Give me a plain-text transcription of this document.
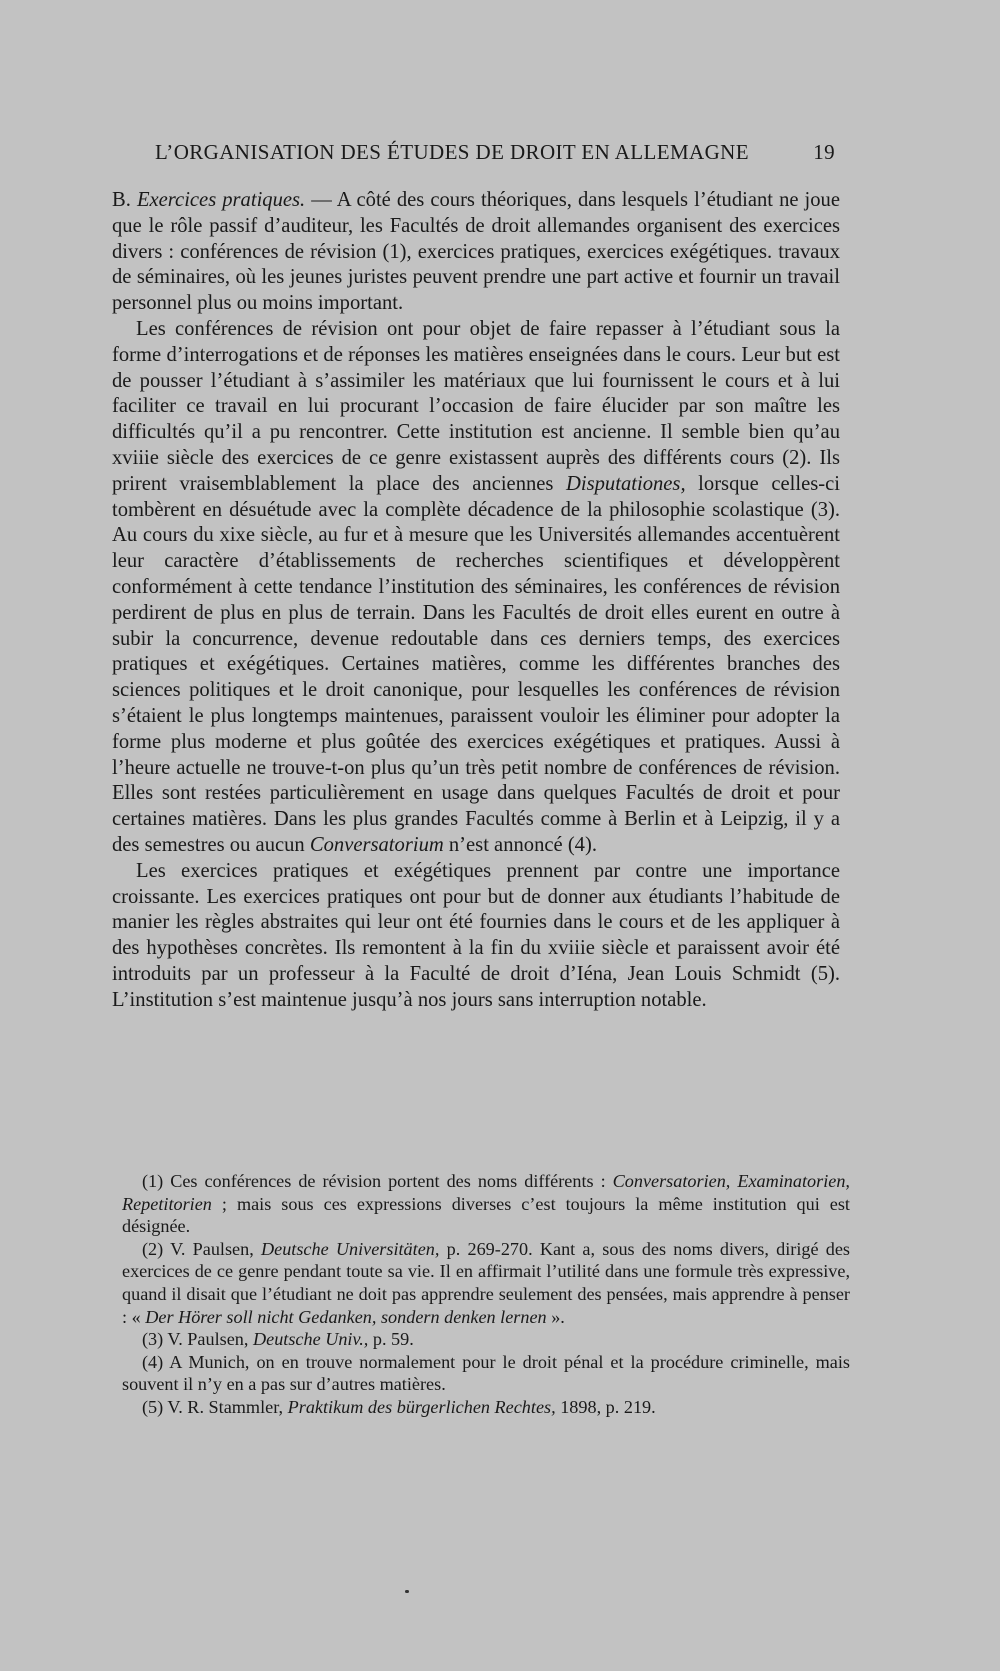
L’ORGANISATION DES ÉTUDES DE DROIT EN ALLEMAGNE	19

B. Exercices pratiques. — A côté des cours théoriques, dans lesquels l’étudiant ne joue que le rôle passif d’auditeur, les Facultés de droit allemandes organisent des exercices divers : conférences de révision (1), exercices pratiques, exercices exégétiques. travaux de séminaires, où les jeunes juristes peuvent prendre une part active et fournir un travail personnel plus ou moins important.

Les conférences de révision ont pour objet de faire repasser à l’étudiant sous la forme d’interrogations et de réponses les matières enseignées dans le cours. Leur but est de pousser l’étudiant à s’assimiler les matériaux que lui fournissent le cours et à lui faciliter ce travail en lui procurant l’occasion de faire élucider par son maître les difficultés qu’il a pu rencontrer. Cette institution est ancienne. Il semble bien qu’au xviiie siècle des exercices de ce genre existassent auprès des différents cours (2). Ils prirent vraisemblablement la place des anciennes Disputationes, lorsque celles-ci tombèrent en désuétude avec la complète décadence de la philosophie scolastique (3). Au cours du xixe siècle, au fur et à mesure que les Universités allemandes accentuèrent leur caractère d’établissements de recherches scientifiques et développèrent conformément à cette tendance l’institution des séminaires, les conférences de révision perdirent de plus en plus de terrain. Dans les Facultés de droit elles eurent en outre à subir la concurrence, devenue redoutable dans ces derniers temps, des exercices pratiques et exégétiques. Certaines matières, comme les différentes branches des sciences politiques et le droit canonique, pour lesquelles les conférences de révision s’étaient le plus longtemps maintenues, paraissent vouloir les éliminer pour adopter la forme plus moderne et plus goûtée des exercices exégétiques et pratiques. Aussi à l’heure actuelle ne trouve-t-on plus qu’un très petit nombre de conférences de révision. Elles sont restées particulièrement en usage dans quelques Facultés de droit et pour certaines matières. Dans les plus grandes Facultés comme à Berlin et à Leipzig, il y a des semestres ou aucun Conversatorium n’est annoncé (4).

Les exercices pratiques et exégétiques prennent par contre une importance croissante. Les exercices pratiques ont pour but de donner aux étudiants l’habitude de manier les règles abstraites qui leur ont été fournies dans le cours et de les appliquer à des hypothèses concrètes. Ils remontent à la fin du xviiie siècle et paraissent avoir été introduits par un professeur à la Faculté de droit d’Iéna, Jean Louis Schmidt (5). L’institution s’est maintenue jusqu’à nos jours sans interruption notable.

(1) Ces conférences de révision portent des noms différents : Conversatorien, Examinatorien, Repetitorien ; mais sous ces expressions diverses c’est toujours la même institution qui est désignée.

(2) V. Paulsen, Deutsche Universitäten, p. 269-270. Kant a, sous des noms divers, dirigé des exercices de ce genre pendant toute sa vie. Il en affirmait l’utilité dans une formule très expressive, quand il disait que l’étudiant ne doit pas apprendre seulement des pensées, mais apprendre à penser : « Der Hörer soll nicht Gedanken, sondern denken lernen ».

(3) V. Paulsen, Deutsche Univ., p. 59.

(4) A Munich, on en trouve normalement pour le droit pénal et la procédure criminelle, mais souvent il n’y en a pas sur d’autres matières.

(5) V. R. Stammler, Praktikum des bürgerlichen Rechtes, 1898, p. 219.
